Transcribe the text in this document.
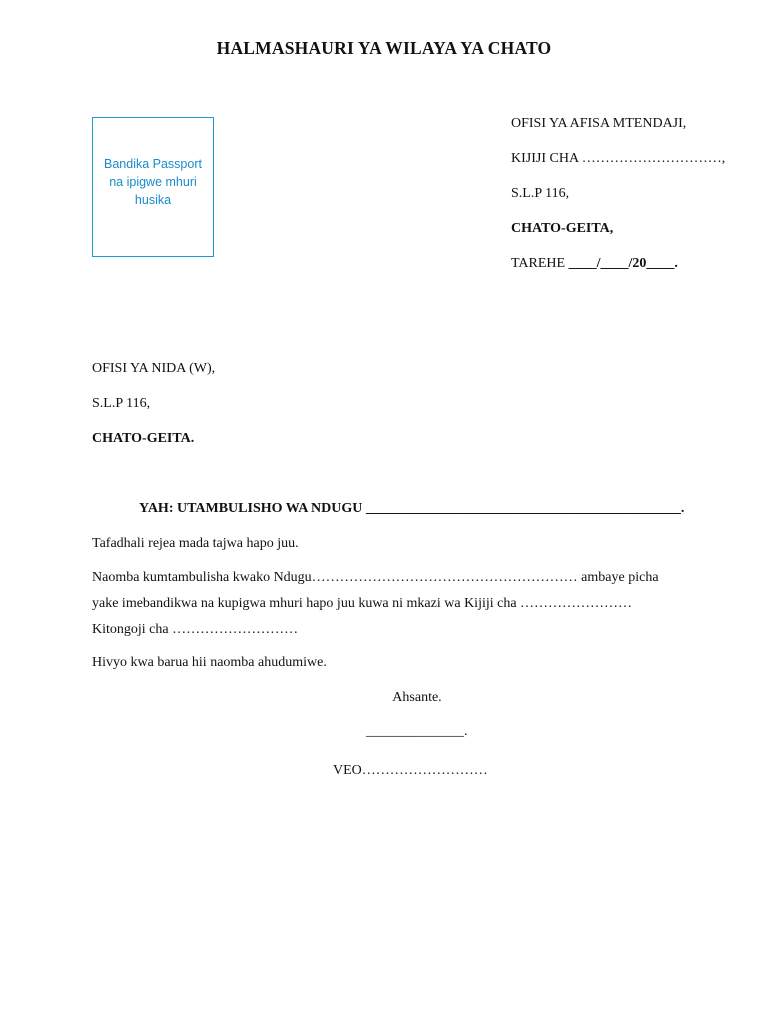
HALMASHAURI YA WILAYA YA CHATO
Bandika Passport
na ipigwe mhuri
husika
OFISI YA AFISA MTENDAJI,
KIJIJI CHA …………………………,
S.L.P 116,
CHATO-GEITA,
TAREHE ____/____/20____.
OFISI YA NIDA (W),
S.L.P 116,
CHATO-GEITA.
YAH: UTAMBULISHO WA NDUGU _____________________________________________.
Tafadhali rejea mada tajwa hapo juu.
Naomba kumtambulisha kwako Ndugu………………………………………………… ambaye picha
yake imebandikwa na kupigwa mhuri hapo juu kuwa ni mkazi wa Kijiji cha ……………………
Kitongoji cha ………………………
Hivyo kwa barua hii naomba ahudumiwe.
Ahsante.
______________.
VEO………………………
